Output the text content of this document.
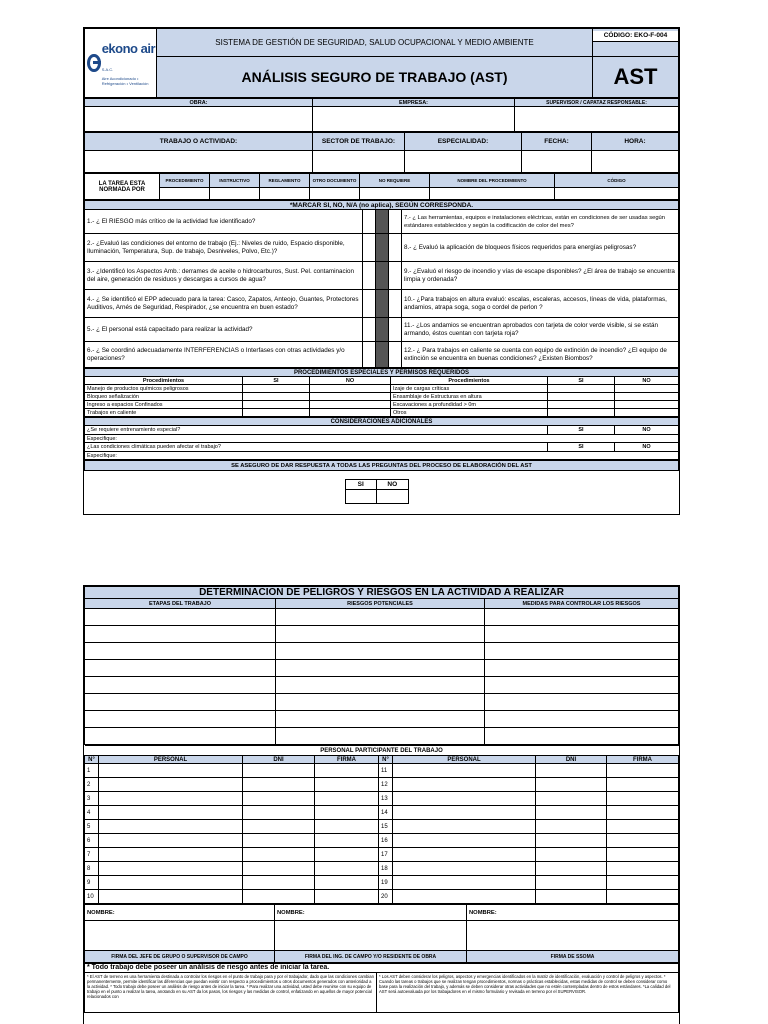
ekono air S.A.C.
Aire Acondicionado • Refrigeración • Ventilación	SISTEMA DE GESTIÓN DE SEGURIDAD, SALUD OCUPACIONAL Y MEDIO AMBIENTE	CÓDIGO: EKO-F-004

	ANÁLISIS SEGURO DE TRABAJO (AST)	AST
OBRA:	EMPRESA:	SUPERVISOR / CAPATAZ RESPONSABLE:

TRABAJO O ACTIVIDAD:	SECTOR DE TRABAJO:	ESPECIALIDAD:	FECHA:	HORA:

LA TAREA ESTA NORMADA POR	PROCEDIMIENTO	INSTRUCTIVO	REGLAMENTO	OTRO DOCUMENTO	NO REQUIERE	NOMBRE DEL PROCEDIMIENTO	CÓDIGO

*MARCAR SI, NO, N/A (no aplica), SEGÚN CORRESPONDA.				
1.- ¿ El RIESGO más crítico de la actividad fue identificado?				7.- ¿ Las herramientas, equipos e instalaciones eléctricas, están en condiciones de ser usadas según estándares establecidos y según la codificación de color del mes?
2.- ¿Evaluó las condiciones del entorno de trabajo (Ej.: Niveles de ruido, Espacio disponible, Iluminación, Temperatura, Sup. de trabajo, Desniveles, Polvo, Etc.)?				8.- ¿ Evaluó la aplicación de bloqueos físicos requeridos para energías peligrosas?
3.- ¿Identificó los Aspectos Amb.: derrames de aceite o hidrocarburos, Sust. Pel. contaminacion del aire, generación de residuos y descargas a cursos de agua?				9.- ¿Evaluó el riesgo de incendio y vías de escape disponibles? ¿El área de trabajo se encuentra limpia y ordenada?
4.- ¿ Se identificó el EPP adecuado para la tarea: Casco, Zapatos, Anteojo, Guantes, Protectores Auditivos, Arnés de Seguridad, Respirador, ¿se encuentra en buen estado?				10.- ¿Para trabajos en altura evaluó: escalas, escaleras, accesos, líneas de vida, plataformas, andamios, atrapa soga, soga o cordel de perlon ?
5.- ¿ El personal está capacitado para realizar la actividad?				11.- ¿Los andamios se encuentran aprobados con tarjeta de color verde visible, si se están armando, éstos cuentan con tarjeta roja?
6.- ¿ Se coordinó adecuadamente INTERFERENCIAS o Interfases con otras actividades y/o operaciones?				12.- ¿ Para trabajos en caliente se cuenta con equipo de extinción de incendio? ¿El equipo de extinción se encuentra en buenas condiciones? ¿Existen Biombos?
PROCEDIMIENTOS ESPECIALES Y PERMISOS REQUERIDOS					
Procedimientos	SI	NO	Procedimientos	SI	NO
Manejo de productos químicos peligrosos			Izaje de cargas críticas		
Bloqueo señalización			Ensamblaje de Estructuras en altura		
Ingreso a espacios Confinados			Excavaciones a profundidad > 0m		
Trabajos en caliente			Otros		
CONSIDERACIONES ADICIONALES		
¿Se requiere entrenamiento especial?	SI	NO
Especifique:		
¿Las condiciones climáticas pueden afectar el trabajo?	SI	NO
Especifique:		
SE ASEGURO DE DAR RESPUESTA A TODAS LAS PREGUNTAS DEL PROCESO DE ELABORACIÓN DEL AST

SI	NO

DETERMINACION DE PELIGROS Y RIESGOS EN LA ACTIVIDAD A REALIZAR		
ETAPAS DEL TRABAJO	RIESGOS POTENCIALES	MEDIDAS PARA CONTROLAR LOS RIESGOS

PERSONAL PARTICIPANTE DEL TRABAJO							
N°	PERSONAL	DNI	FIRMA	N°	PERSONAL	DNI	FIRMA
1				11			
2				12			
3				13			
4				14			
5				15			
6				16			
7				17			
8				18			
9				19			
10				20			
NOMBRE:	NOMBRE:	NOMBRE:

FIRMA DEL JEFE DE GRUPO O SUPERVISOR DE CAMPO	FIRMA DEL ING. DE CAMPO Y/O RESIDENTE DE OBRA	FIRMA DE SSOMA
* Todo trabajo debe poseer un análisis de riesgo antes de iniciar la tarea.
* El AST de terreno es una herramienta destinada a controlar los riesgos en el punto de trabajo para y por el trabajador, dado que las condiciones cambian permanentemente, permite identificar las diferencias que puedan existir con respecto a procedimientos u otros documentos generados con anterioridad a la actividad. * Todo trabajo debe poseer un análisis de riesgo antes de iniciar la tarea. * Para realizar una actividad, usted debe reunirse con su equipo de trabajo en el punto a realizar la tarea, anotando en su AST da los pasos, los riesgos y las medidas de control, enfatizando en aquellos de mayor potencial relacionados con	* Los AST deben considerar los peligros, aspectos y emergencias identificados en la matriz de identificación, evaluación y control de peligros y aspectos. * Cuando las tareas o trabajos que se realizan tengan procedimientos, normas o prácticas establecidas, estas medidas de control se deben considerar como base para la realización del trabajo, y además se deben considerar otras actividades que no estén contempladas dentro de estos estándares. *La calidad del AST será autoevaluada por los trabajadores en el mismo formulario y revisada en terreno por el SUPERVISOR.
